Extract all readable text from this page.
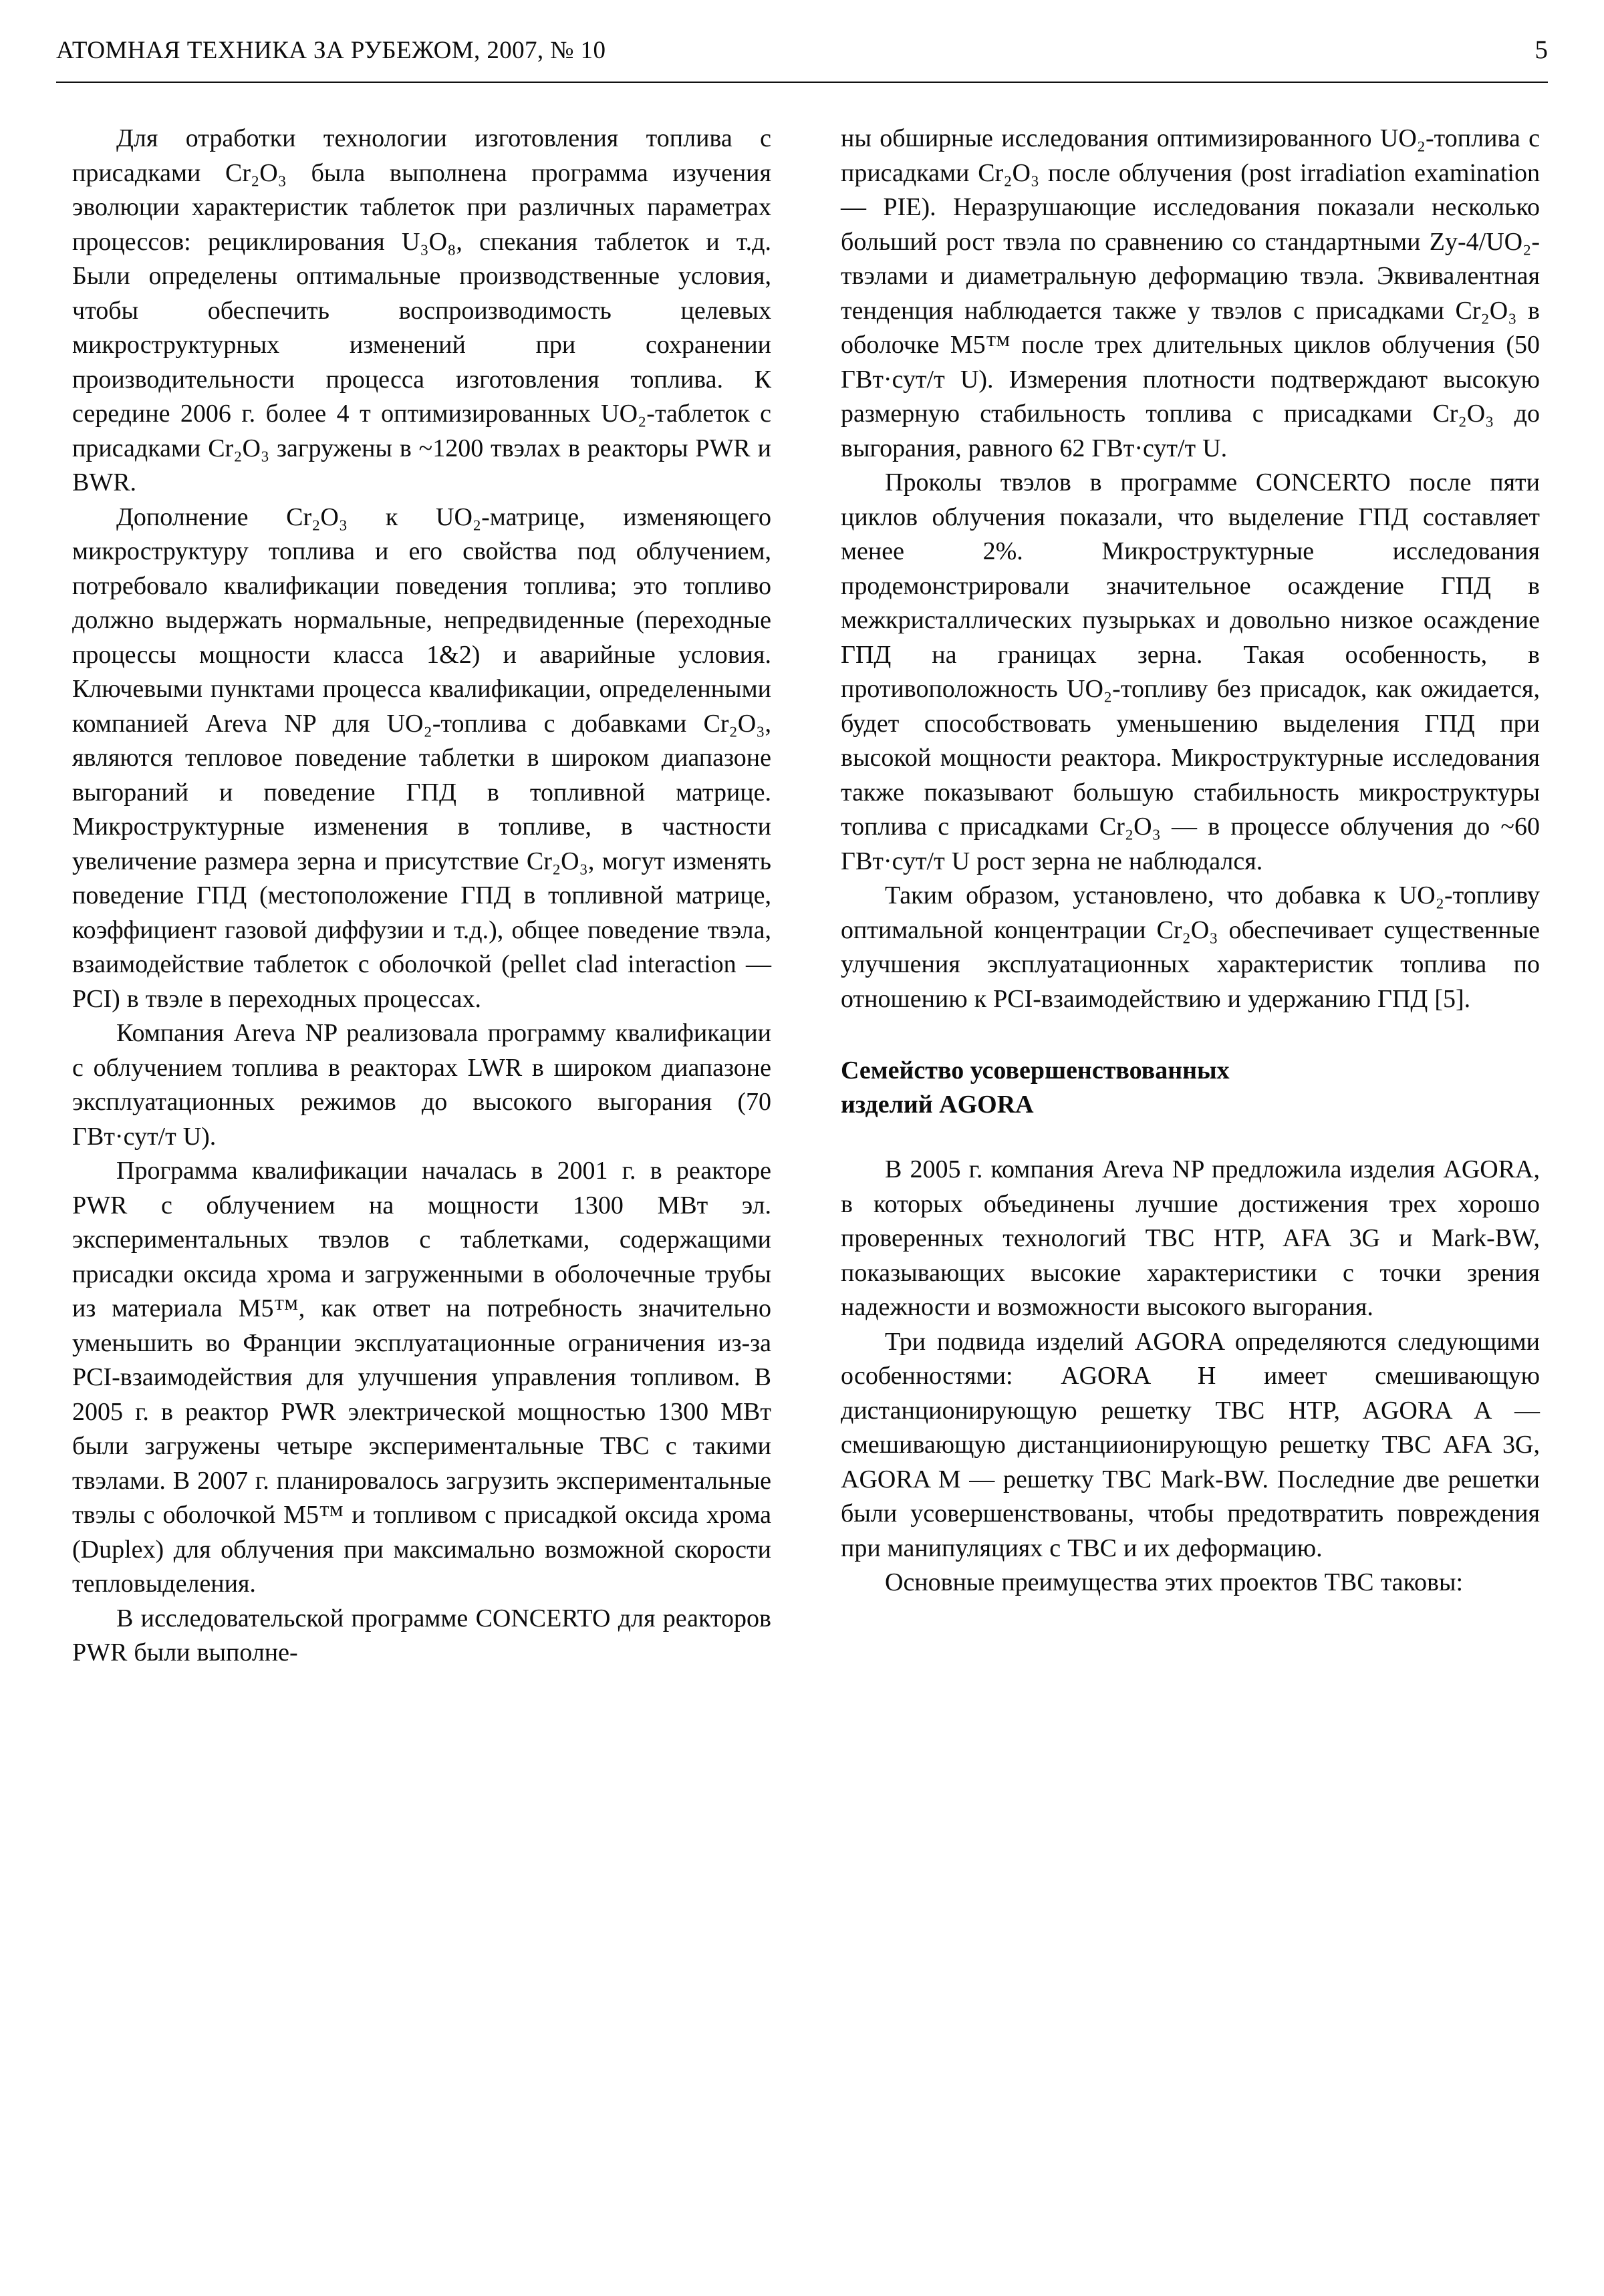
АТОМНАЯ ТЕХНИКА ЗА РУБЕЖОМ, 2007, № 10	5

Для отработки технологии изготовления топлива с присадками Cr₂O₃ была выполнена программа изучения эволюции характеристик таблеток при различных параметрах процессов: рециклирования U₃O₈, спекания таблеток и т.д. Были определены оптимальные производственные условия, чтобы обеспечить воспроизводимость целевых микроструктурных изменений при сохранении производительности процесса изготовления топлива. К середине 2006 г. более 4 т оптимизированных UO₂-таблеток с присадками Cr₂O₃ загружены в ~1200 твэлах в реакторы PWR и BWR.

Дополнение Cr₂O₃ к UO₂-матрице, изменяющего микроструктуру топлива и его свойства под облучением, потребовало квалификации поведения топлива; это топливо должно выдержать нормальные, непредвиденные (переходные процессы мощности класса 1&2) и аварийные условия. Ключевыми пунктами процесса квалификации, определенными компанией Areva NP для UO₂-топлива с добавками Cr₂O₃, являются тепловое поведение таблетки в широком диапазоне выгораний и поведение ГПД в топливной матрице. Микроструктурные изменения в топливе, в частности увеличение размера зерна и присутствие Cr₂O₃, могут изменять поведение ГПД (местоположение ГПД в топливной матрице, коэффициент газовой диффузии и т.д.), общее поведение твэла, взаимодействие таблеток с оболочкой (pellet clad interaction — PCI) в твэле в переходных процессах.

Компания Areva NP реализовала программу квалификации с облучением топлива в реакторах LWR в широком диапазоне эксплуатационных режимов до высокого выгорания (70 ГВт·сут/т U).

Программа квалификации началась в 2001 г. в реакторе PWR с облучением на мощности 1300 МВт эл. экспериментальных твэлов с таблетками, содержащими присадки оксида хрома и загруженными в оболочечные трубы из материала М5™, как ответ на потребность значительно уменьшить во Франции эксплуатационные ограничения из-за PCI-взаимодействия для улучшения управления топливом. В 2005 г. в реактор PWR электрической мощностью 1300 МВт были загружены четыре экспериментальные ТВС с такими твэлами. В 2007 г. планировалось загрузить экспериментальные твэлы с оболочкой М5™ и топливом с присадкой оксида хрома (Duplex) для облучения при максимально возможной скорости тепловыделения.

В исследовательской программе CONCERTO для реакторов PWR были выполне-

ны обширные исследования оптимизированного UO₂-топлива с присадками Cr₂O₃ после облучения (post irradiation examination — PIE). Неразрушающие исследования показали несколько больший рост твэла по сравнению со стандартными Zy-4/UO₂-твэлами и диаметральную деформацию твэла. Эквивалентная тенденция наблюдается также у твэлов с присадками Cr₂O₃ в оболочке М5™ после трех длительных циклов облучения (50 ГВт·сут/т U). Измерения плотности подтверждают высокую размерную стабильность топлива с присадками Cr₂O₃ до выгорания, равного 62 ГВт·сут/т U.

Проколы твэлов в программе CONCERTO после пяти циклов облучения показали, что выделение ГПД составляет менее 2%. Микроструктурные исследования продемонстрировали значительное осаждение ГПД в межкристаллических пузырьках и довольно низкое осаждение ГПД на границах зерна. Такая особенность, в противоположность UO₂-топливу без присадок, как ожидается, будет способствовать уменьшению выделения ГПД при высокой мощности реактора. Микроструктурные исследования также показывают большую стабильность микроструктуры топлива с присадками Cr₂O₃ — в процессе облучения до ~60 ГВт·сут/т U рост зерна не наблюдался.

Таким образом, установлено, что добавка к UO₂-топливу оптимальной концентрации Cr₂O₃ обеспечивает существенные улучшения эксплуатационных характеристик топлива по отношению к PCI-взаимодействию и удержанию ГПД [5].

Семейство усовершенствованных
изделий AGORA

В 2005 г. компания Areva NP предложила изделия AGORA, в которых объединены лучшие достижения трех хорошо проверенных технологий ТВС HTP, AFA 3G и Mark-BW, показывающих высокие характеристики с точки зрения надежности и возможности высокого выгорания.

Три подвида изделий AGORA определяются следующими особенностями: AGORA H имеет смешивающую дистанционирующую решетку ТВС HTP, AGORA A — смешивающую дистанциионирующую решетку ТВС AFA 3G, AGORA M — решетку ТВС Mark-BW. Последние две решетки были усовершенствованы, чтобы предотвратить повреждения при манипуляциях с ТВС и их деформацию.

Основные преимущества этих проектов ТВС таковы:
